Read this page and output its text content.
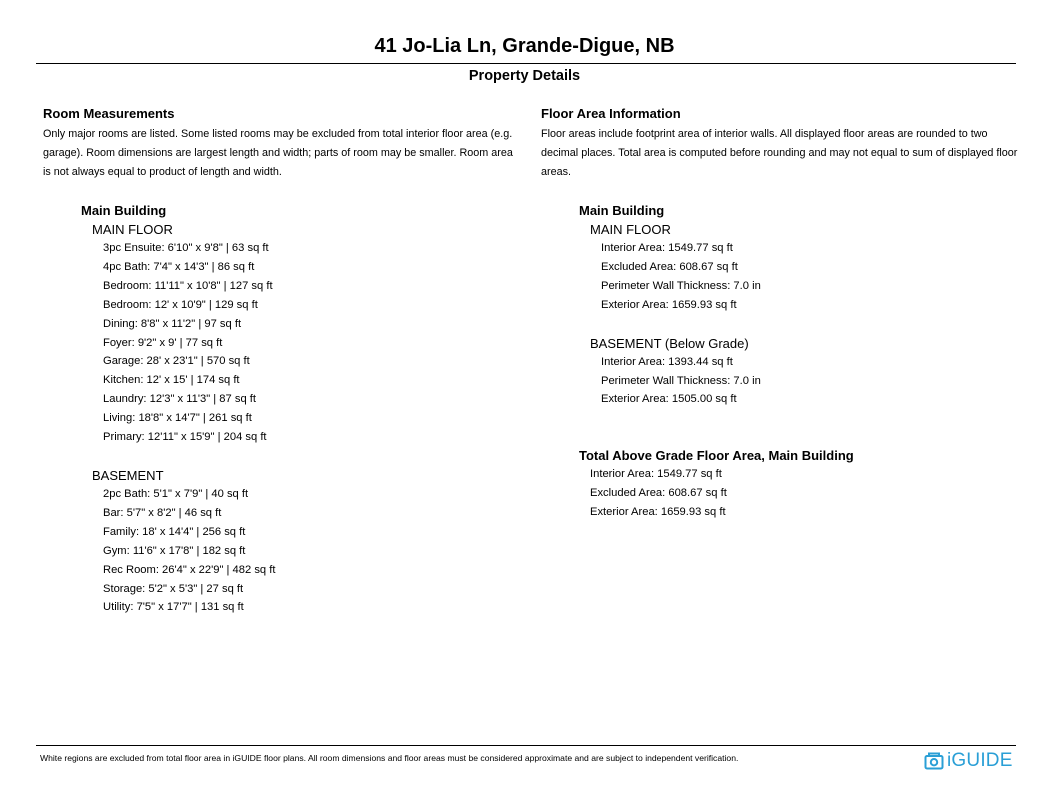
41 Jo-Lia Ln, Grande-Digue, NB
Property Details
Room Measurements
Only major rooms are listed. Some listed rooms may be excluded from total interior floor area (e.g. garage). Room dimensions are largest length and width; parts of room may be smaller. Room area is not always equal to product of length and width.
Main Building
MAIN FLOOR
3pc Ensuite: 6'10" x 9'8" | 63 sq ft
4pc Bath: 7'4" x 14'3" | 86 sq ft
Bedroom: 11'11" x 10'8" | 127 sq ft
Bedroom: 12' x 10'9" | 129 sq ft
Dining: 8'8" x 11'2" | 97 sq ft
Foyer: 9'2" x 9' | 77 sq ft
Garage: 28' x 23'1" | 570 sq ft
Kitchen: 12' x 15' | 174 sq ft
Laundry: 12'3" x 11'3" | 87 sq ft
Living: 18'8" x 14'7" | 261 sq ft
Primary: 12'11" x 15'9" | 204 sq ft
BASEMENT
2pc Bath: 5'1" x 7'9" | 40 sq ft
Bar: 5'7" x 8'2" | 46 sq ft
Family: 18' x 14'4" | 256 sq ft
Gym: 11'6" x 17'8" | 182 sq ft
Rec Room: 26'4" x 22'9" | 482 sq ft
Storage: 5'2" x 5'3" | 27 sq ft
Utility: 7'5" x 17'7" | 131 sq ft
Floor Area Information
Floor areas include footprint area of interior walls. All displayed floor areas are rounded to two decimal places. Total area is computed before rounding and may not equal to sum of displayed floor areas.
Main Building
MAIN FLOOR
Interior Area: 1549.77 sq ft
Excluded Area: 608.67 sq ft
Perimeter Wall Thickness: 7.0 in
Exterior Area: 1659.93 sq ft
BASEMENT (Below Grade)
Interior Area: 1393.44 sq ft
Perimeter Wall Thickness: 7.0 in
Exterior Area: 1505.00 sq ft
Total Above Grade Floor Area, Main Building
Interior Area: 1549.77 sq ft
Excluded Area: 608.67 sq ft
Exterior Area: 1659.93 sq ft
White regions are excluded from total floor area in iGUIDE floor plans. All room dimensions and floor areas must be considered approximate and are subject to independent verification.	iGUIDE
